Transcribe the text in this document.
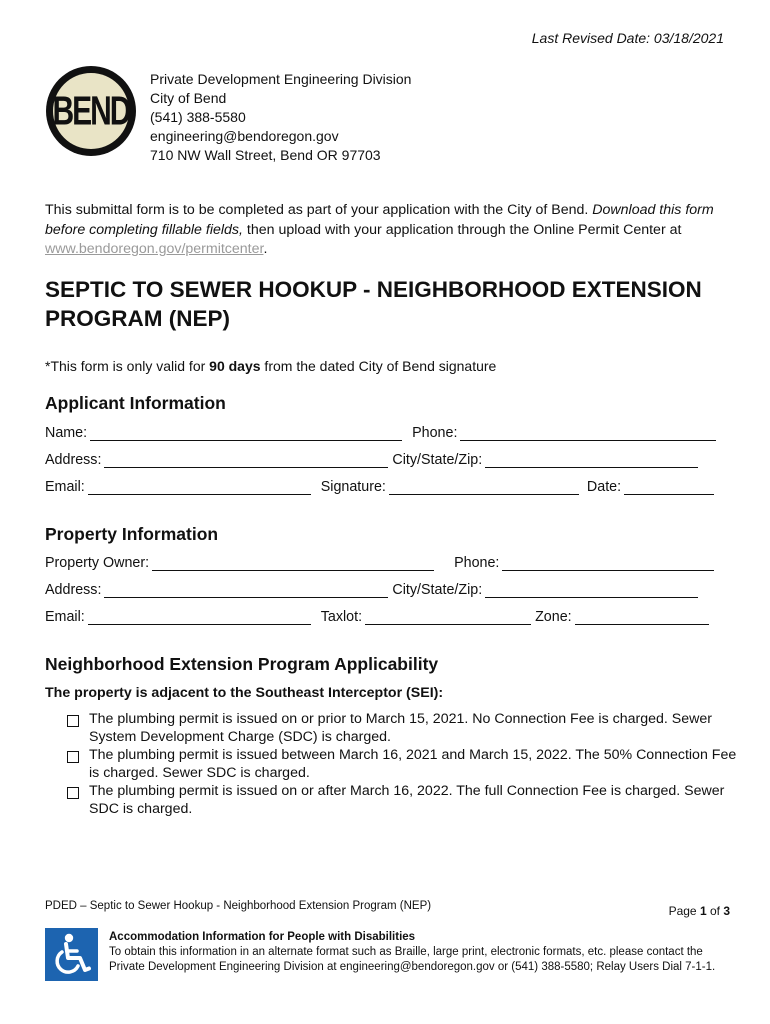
Last Revised Date: 03/18/2021
BEND
Private Development Engineering Division
City of Bend
(541) 388-5580
engineering@bendoregon.gov
710 NW Wall Street, Bend OR 97703
This submittal form is to be completed as part of your application with the City of Bend. Download this form before completing fillable fields, then upload with your application through the Online Permit Center at www.bendoregon.gov/permitcenter.
SEPTIC TO SEWER HOOKUP - NEIGHBORHOOD EXTENSION PROGRAM (NEP)
*This form is only valid for 90 days from the dated City of Bend signature
Applicant Information
Name:	Phone:
Address:	City/State/Zip:
Email:	Signature:	Date:
Property Information
Property Owner:	Phone:
Address:	City/State/Zip:
Email:	Taxlot:	Zone:
Neighborhood Extension Program Applicability
The property is adjacent to the Southeast Interceptor (SEI):
The plumbing permit is issued on or prior to March 15, 2021. No Connection Fee is charged. Sewer System Development Charge (SDC) is charged.
The plumbing permit is issued between March 16, 2021 and March 15, 2022. The 50% Connection Fee is charged. Sewer SDC is charged.
The plumbing permit is issued on or after March 16, 2022. The full Connection Fee is charged. Sewer SDC is charged.
PDED – Septic to Sewer Hookup - Neighborhood Extension Program (NEP)	Page 1 of 3
Accommodation Information for People with Disabilities
To obtain this information in an alternate format such as Braille, large print, electronic formats, etc. please contact the Private Development Engineering Division at engineering@bendoregon.gov or (541) 388-5580; Relay Users Dial 7-1-1.
